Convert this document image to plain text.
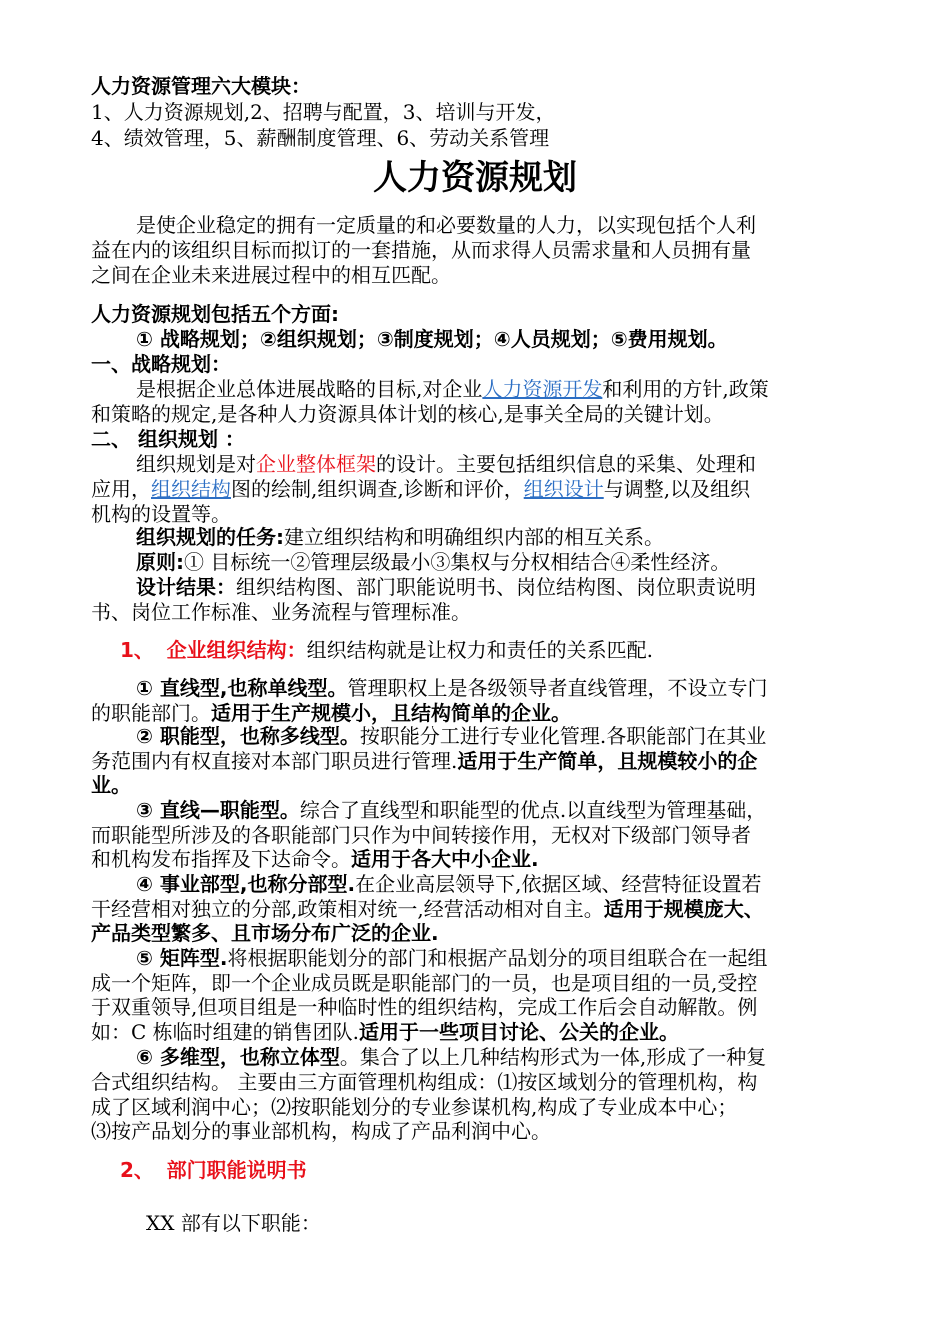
人力资源管理六大模块：
1、人力资源规划,2、招聘与配置，3、培训与开发，
4、绩效管理，5、薪酬制度管理、6、劳动关系管理
人力资源规划
是使企业稳定的拥有一定质量的和必要数量的人力，以实现包括个人利
益在内的该组织目标而拟订的一套措施，从而求得人员需求量和人员拥有量
之间在企业未来进展过程中的相互匹配。
人力资源规划包括五个方面:
① 战略规划；②组织规划；③制度规划；④人员规划；⑤费用规划。
一、战略规划：
是根据企业总体进展战略的目标,对企业人力资源开发和利用的方针,政策
和策略的规定,是各种人力资源具体计划的核心,是事关全局的关键计划。
二、 组织规划 ：
组织规划是对企业整体框架的设计。主要包括组织信息的采集、处理和
应用，组织结构图的绘制,组织调查,诊断和评价，组织设计与调整,以及组织
机构的设置等。
组织规划的任务:建立组织结构和明确组织内部的相互关系。
原则:① 目标统一②管理层级最小③集权与分权相结合④柔性经济。
设计结果：组织结构图、部门职能说明书、岗位结构图、岗位职责说明
书、岗位工作标准、业务流程与管理标准。
1、 企业组织结构：组织结构就是让权力和责任的关系匹配.
① 直线型,也称单线型。管理职权上是各级领导者直线管理，不设立专门
的职能部门。适用于生产规模小，且结构简单的企业。
② 职能型，也称多线型。按职能分工进行专业化管理.各职能部门在其业
务范围内有权直接对本部门职员进行管理.适用于生产简单，且规模较小的企
业。
③ 直线—职能型。综合了直线型和职能型的优点.以直线型为管理基础，
而职能型所涉及的各职能部门只作为中间转接作用，无权对下级部门领导者
和机构发布指挥及下达命令。适用于各大中小企业.
④ 事业部型,也称分部型.在企业高层领导下,依据区域、经营特征设置若
干经营相对独立的分部,政策相对统一,经营活动相对自主。适用于规模庞大、
产品类型繁多、且市场分布广泛的企业.
⑤ 矩阵型.将根据职能划分的部门和根据产品划分的项目组联合在一起组
成一个矩阵，即一个企业成员既是职能部门的一员，也是项目组的一员,受控
于双重领导,但项目组是一种临时性的组织结构，完成工作后会自动解散。例
如：C 栋临时组建的销售团队.适用于一些项目讨论、公关的企业。
⑥ 多维型，也称立体型。集合了以上几种结构形式为一体,形成了一种复
合式组织结构。 主要由三方面管理机构组成：⑴按区域划分的管理机构，构
成了区域利润中心；⑵按职能划分的专业参谋机构,构成了专业成本中心；
⑶按产品划分的事业部机构，构成了产品利润中心。
2、 部门职能说明书
XX 部有以下职能：
